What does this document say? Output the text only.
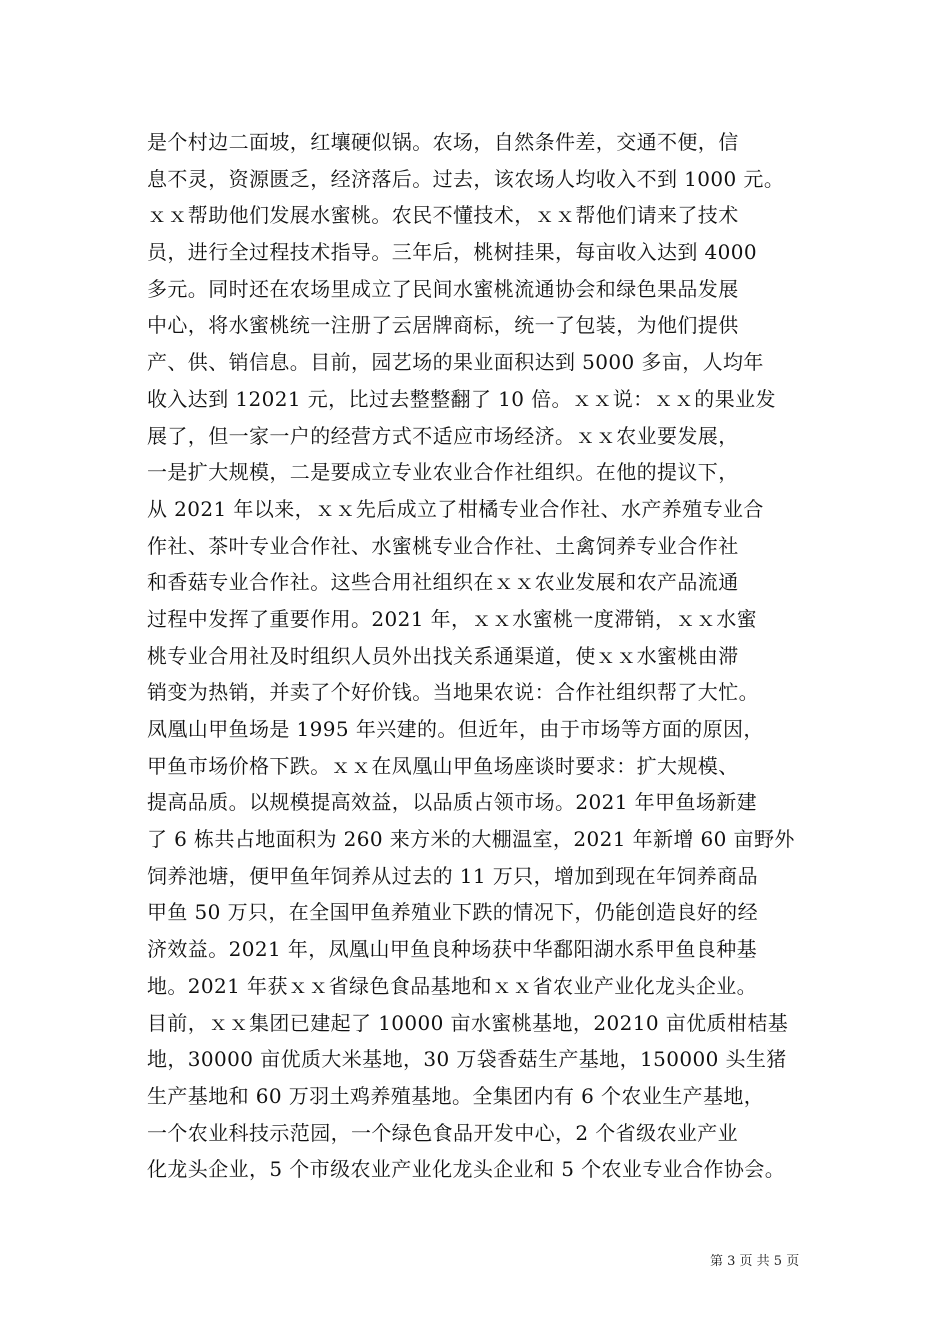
是个村边二面坡，红壤硬似锅。农场，自然条件差，交通不便，信
息不灵，资源匮乏，经济落后。过去，该农场人均收入不到 1000 元。
ｘｘ帮助他们发展水蜜桃。农民不懂技术，ｘｘ帮他们请来了技术
员，进行全过程技术指导。三年后，桃树挂果，每亩收入达到 4000
多元。同时还在农场里成立了民间水蜜桃流通协会和绿色果品发展
中心，将水蜜桃统一注册了云居牌商标，统一了包装，为他们提供
产、供、销信息。目前，园艺场的果业面积达到 5000 多亩，人均年
收入达到 12021 元，比过去整整翻了 10 倍。ｘｘ说：ｘｘ的果业发
展了，但一家一户的经营方式不适应市场经济。ｘｘ农业要发展，
一是扩大规模，二是要成立专业农业合作社组织。在他的提议下，
从 2021 年以来，ｘｘ先后成立了柑橘专业合作社、水产养殖专业合
作社、茶叶专业合作社、水蜜桃专业合作社、土禽饲养专业合作社
和香菇专业合作社。这些合用社组织在ｘｘ农业发展和农产品流通
过程中发挥了重要作用。2021 年，ｘｘ水蜜桃一度滞销，ｘｘ水蜜
桃专业合用社及时组织人员外出找关系通渠道，使ｘｘ水蜜桃由滞
销变为热销，并卖了个好价钱。当地果农说：合作社组织帮了大忙。
凤凰山甲鱼场是 1995 年兴建的。但近年，由于市场等方面的原因，
甲鱼市场价格下跌。ｘｘ在凤凰山甲鱼场座谈时要求：扩大规模、
提高品质。以规模提高效益，以品质占领市场。2021 年甲鱼场新建
了 6 栋共占地面积为 260 来方米的大棚温室，2021 年新增 60 亩野外
饲养池塘，便甲鱼年饲养从过去的 11 万只，增加到现在年饲养商品
甲鱼 50 万只，在全国甲鱼养殖业下跌的情况下，仍能创造良好的经
济效益。2021 年，凤凰山甲鱼良种场获中华鄱阳湖水系甲鱼良种基
地。2021 年获ｘｘ省绿色食品基地和ｘｘ省农业产业化龙头企业。
目前，ｘｘ集团已建起了 10000 亩水蜜桃基地，20210 亩优质柑桔基
地，30000 亩优质大米基地，30 万袋香菇生产基地，150000 头生猪
生产基地和 60 万羽土鸡养殖基地。全集团内有 6 个农业生产基地，
一个农业科技示范园，一个绿色食品开发中心，2 个省级农业产业
化龙头企业，5 个市级农业产业化龙头企业和 5 个农业专业合作协会。
第 3 页 共 5 页
